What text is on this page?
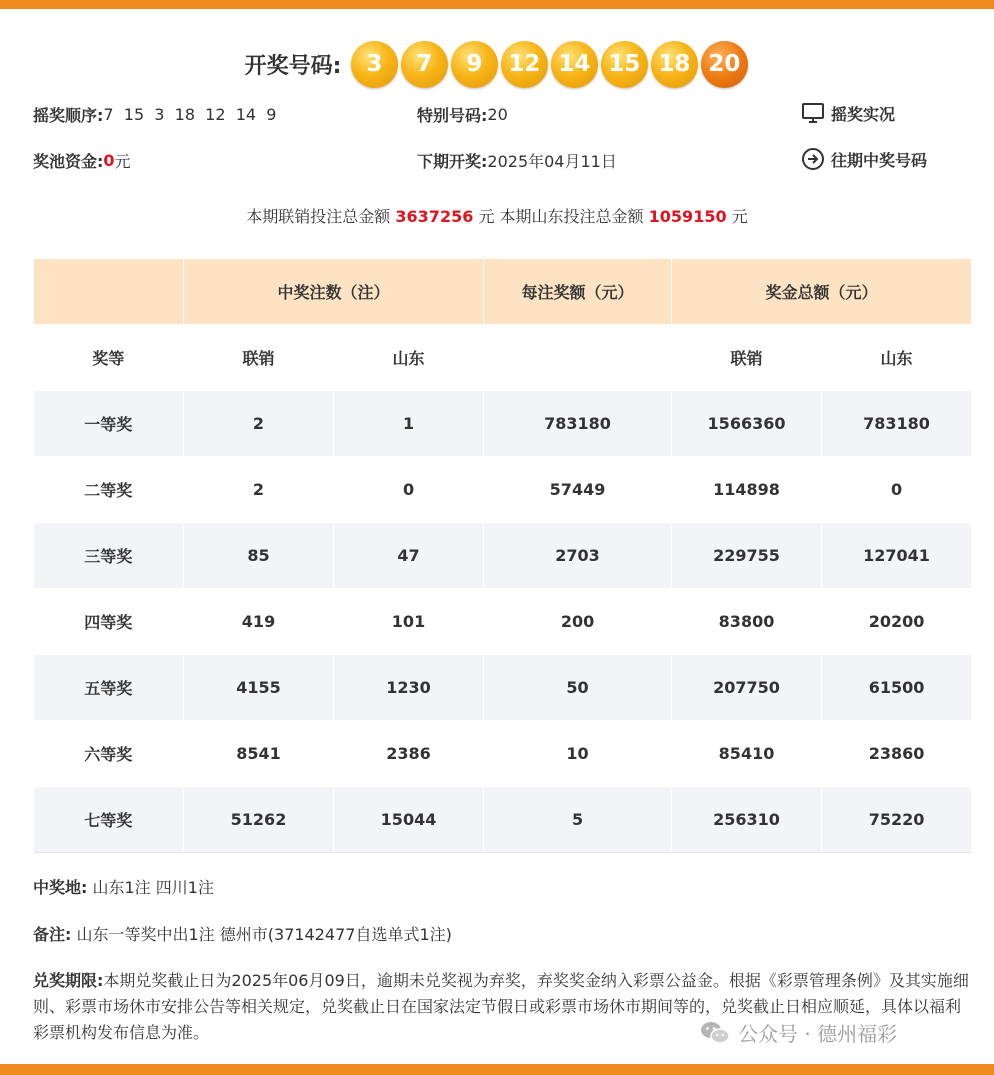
开奖号码:	3	7	9	12 14 15 18 20
摇奖顺序: 7  15  3  18  12  14  9	特别号码: 20	摇奖实况
奖池资金: 0 元	下期开奖: 2025年04月11日	往期中奖号码
本期联销投注总金额 3637256 元 本期山东投注总金额 1059150 元
	中奖注数（注）		每注奖额（元）	奖金总额（元）	
奖等	联销	山东		联销	山东
一等奖	2	1	783180	1566360	783180
二等奖	2	0	57449	114898	0
三等奖	85	47	2703	229755	127041
四等奖	419	101	200	83800	20200
五等奖	4155	1230	50	207750	61500
六等奖	8541	2386	10	85410	23860
七等奖	51262	15044	5	256310	75220
中奖地: 山东1注 四川1注
备注: 山东一等奖中出1注 德州市(37142477自选单式1注)
兑奖期限:本期兑奖截止日为2025年06月09日，逾期未兑奖视为弃奖，弃奖奖金纳入彩票公益金。根据《彩票管理条例》及其实施细则、彩票市场休市安排公告等相关规定，兑奖截止日在国家法定节假日或彩票市场休市期间等的，兑奖截止日相应顺延，具体以福利彩票机构发布信息为准。	公众号 · 德州福彩
